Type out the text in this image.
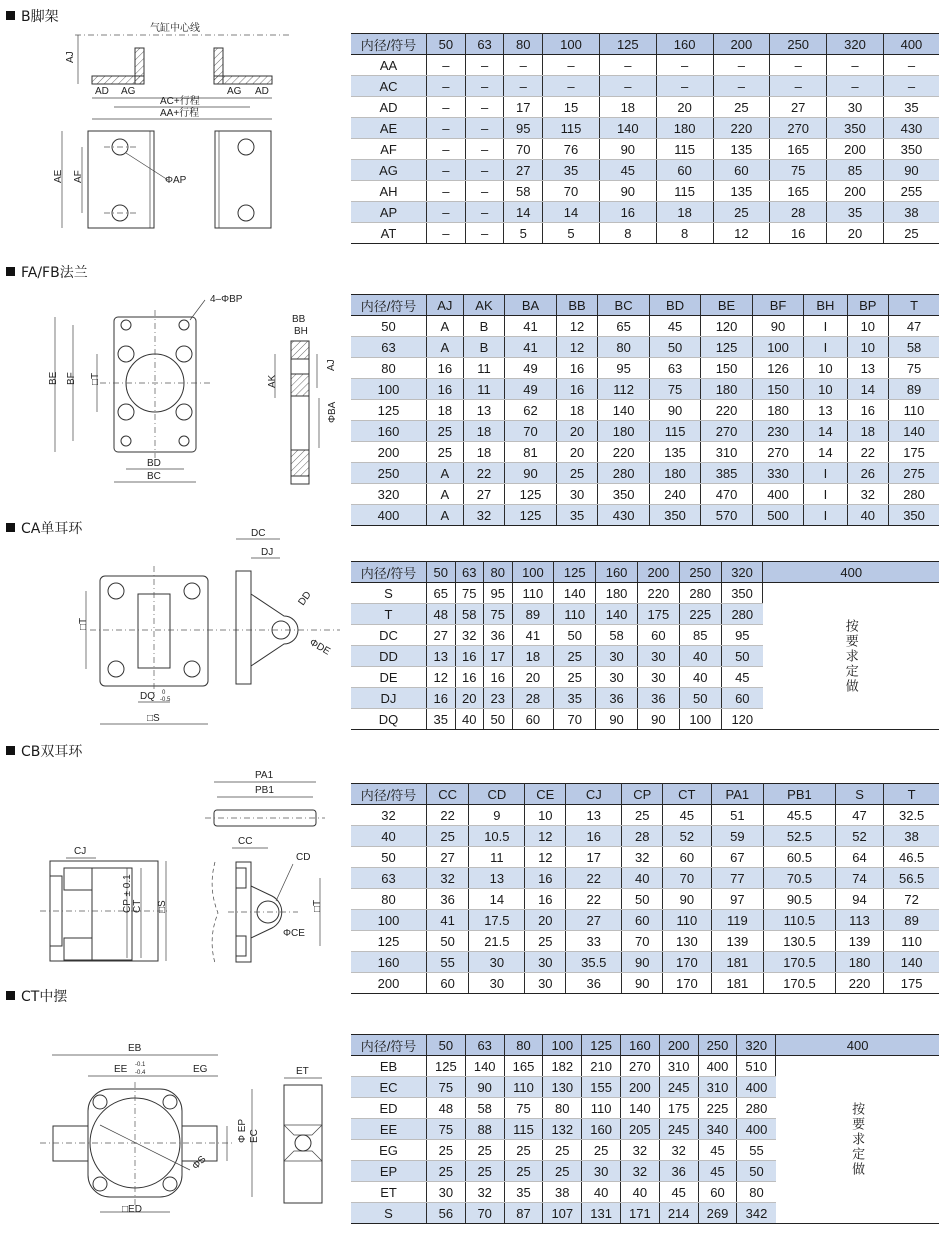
B脚架
气缸中心线
AJ
AD AG	AG AD
AC+行程
AA+行程
ΦAP
AE AF
内径/符号	50	63	80	100	125	160	200	250	320	400
AA	–	–	–	–	–	–	–	–	–	–
AC	–	–	–	–	–	–	–	–	–	–
AD	–	–	17	15	18	20	25	27	30	35
AE	–	–	95	115	140	180	220	270	350	430
AF	–	–	70	76	90	115	135	165	200	350
AG	–	–	27	35	45	60	60	75	85	90
AH	–	–	58	70	90	115	135	165	200	255
AP	–	–	14	14	16	18	25	28	35	38
AT	–	–	5	5	8	8	12	16	20	25
FA/FB法兰
4–ΦBP
BE BF □T
BD
BC
BB
BH
AJ
AK
ΦBA
内径/符号	AJ	AK	BA	BB	BC	BD	BE	BF	BH	BP	T
50	A	B	41	12	65	45	120	90	I	10	47
63	A	B	41	12	80	50	125	100	I	10	58
80	16	11	49	16	95	63	150	126	10	13	75
100	16	11	49	16	112	75	180	150	10	14	89
125	18	13	62	18	140	90	220	180	13	16	110
160	25	18	70	20	180	115	270	230	14	18	140
200	25	18	81	20	220	135	310	270	14	22	175
250	A	22	90	25	280	180	385	330	I	26	275
320	A	27	125	30	350	240	470	400	I	32	280
400	A	32	125	35	430	350	570	500	I	40	350
CA单耳环
□T
DQ 0
-0.5
□S
DC
DJ
DD
ΦDE
内径/符号	50	63	80	100	125	160	200	250	320	400
S	65	75	95	110	140	180	220	280	350	按要求定做
T	48	58	75	89	110	140	175	225	280	
DC	27	32	36	41	50	58	60	85	95	
DD	13	16	17	18	25	30	30	40	50	
DE	12	16	16	20	25	30	30	40	45	
DJ	16	20	23	28	35	36	36	50	60	
DQ	35	40	50	60	70	90	90	100	120	
CB双耳环
PA1
PB1
CJ
CP ± 0.1 CT □S
CC
CD
□T
ΦCE
内径/符号	CC	CD	CE	CJ	CP	CT	PA1	PB1	S	T
32	22	9	10	13	25	45	51	45.5	47	32.5
40	25	10.5	12	16	28	52	59	52.5	52	38
50	27	11	12	17	32	60	67	60.5	64	46.5
63	32	13	16	22	40	70	77	70.5	74	56.5
80	36	14	16	22	50	90	97	90.5	94	72
100	41	17.5	20	27	60	110	119	110.5	113	89
125	50	21.5	25	33	70	130	139	130.5	139	110
160	55	30	30	35.5	90	170	181	170.5	180	140
200	60	30	30	36	90	170	181	170.5	220	175
CT中摆
EB
EE -0.1
-0.4	EG
ΦS
Φ EP EC
□ED
ET
内径/符号	50	63	80	100	125	160	200	250	320	400
EB	125	140	165	182	210	270	310	400	510	按要求定做
EC	75	90	110	130	155	200	245	310	400	
ED	48	58	75	80	110	140	175	225	280	
EE	75	88	115	132	160	205	245	340	400	
EG	25	25	25	25	25	32	32	45	55	
EP	25	25	25	25	30	32	36	45	50	
ET	30	32	35	38	40	40	45	60	80	
S	56	70	87	107	131	171	214	269	342	
